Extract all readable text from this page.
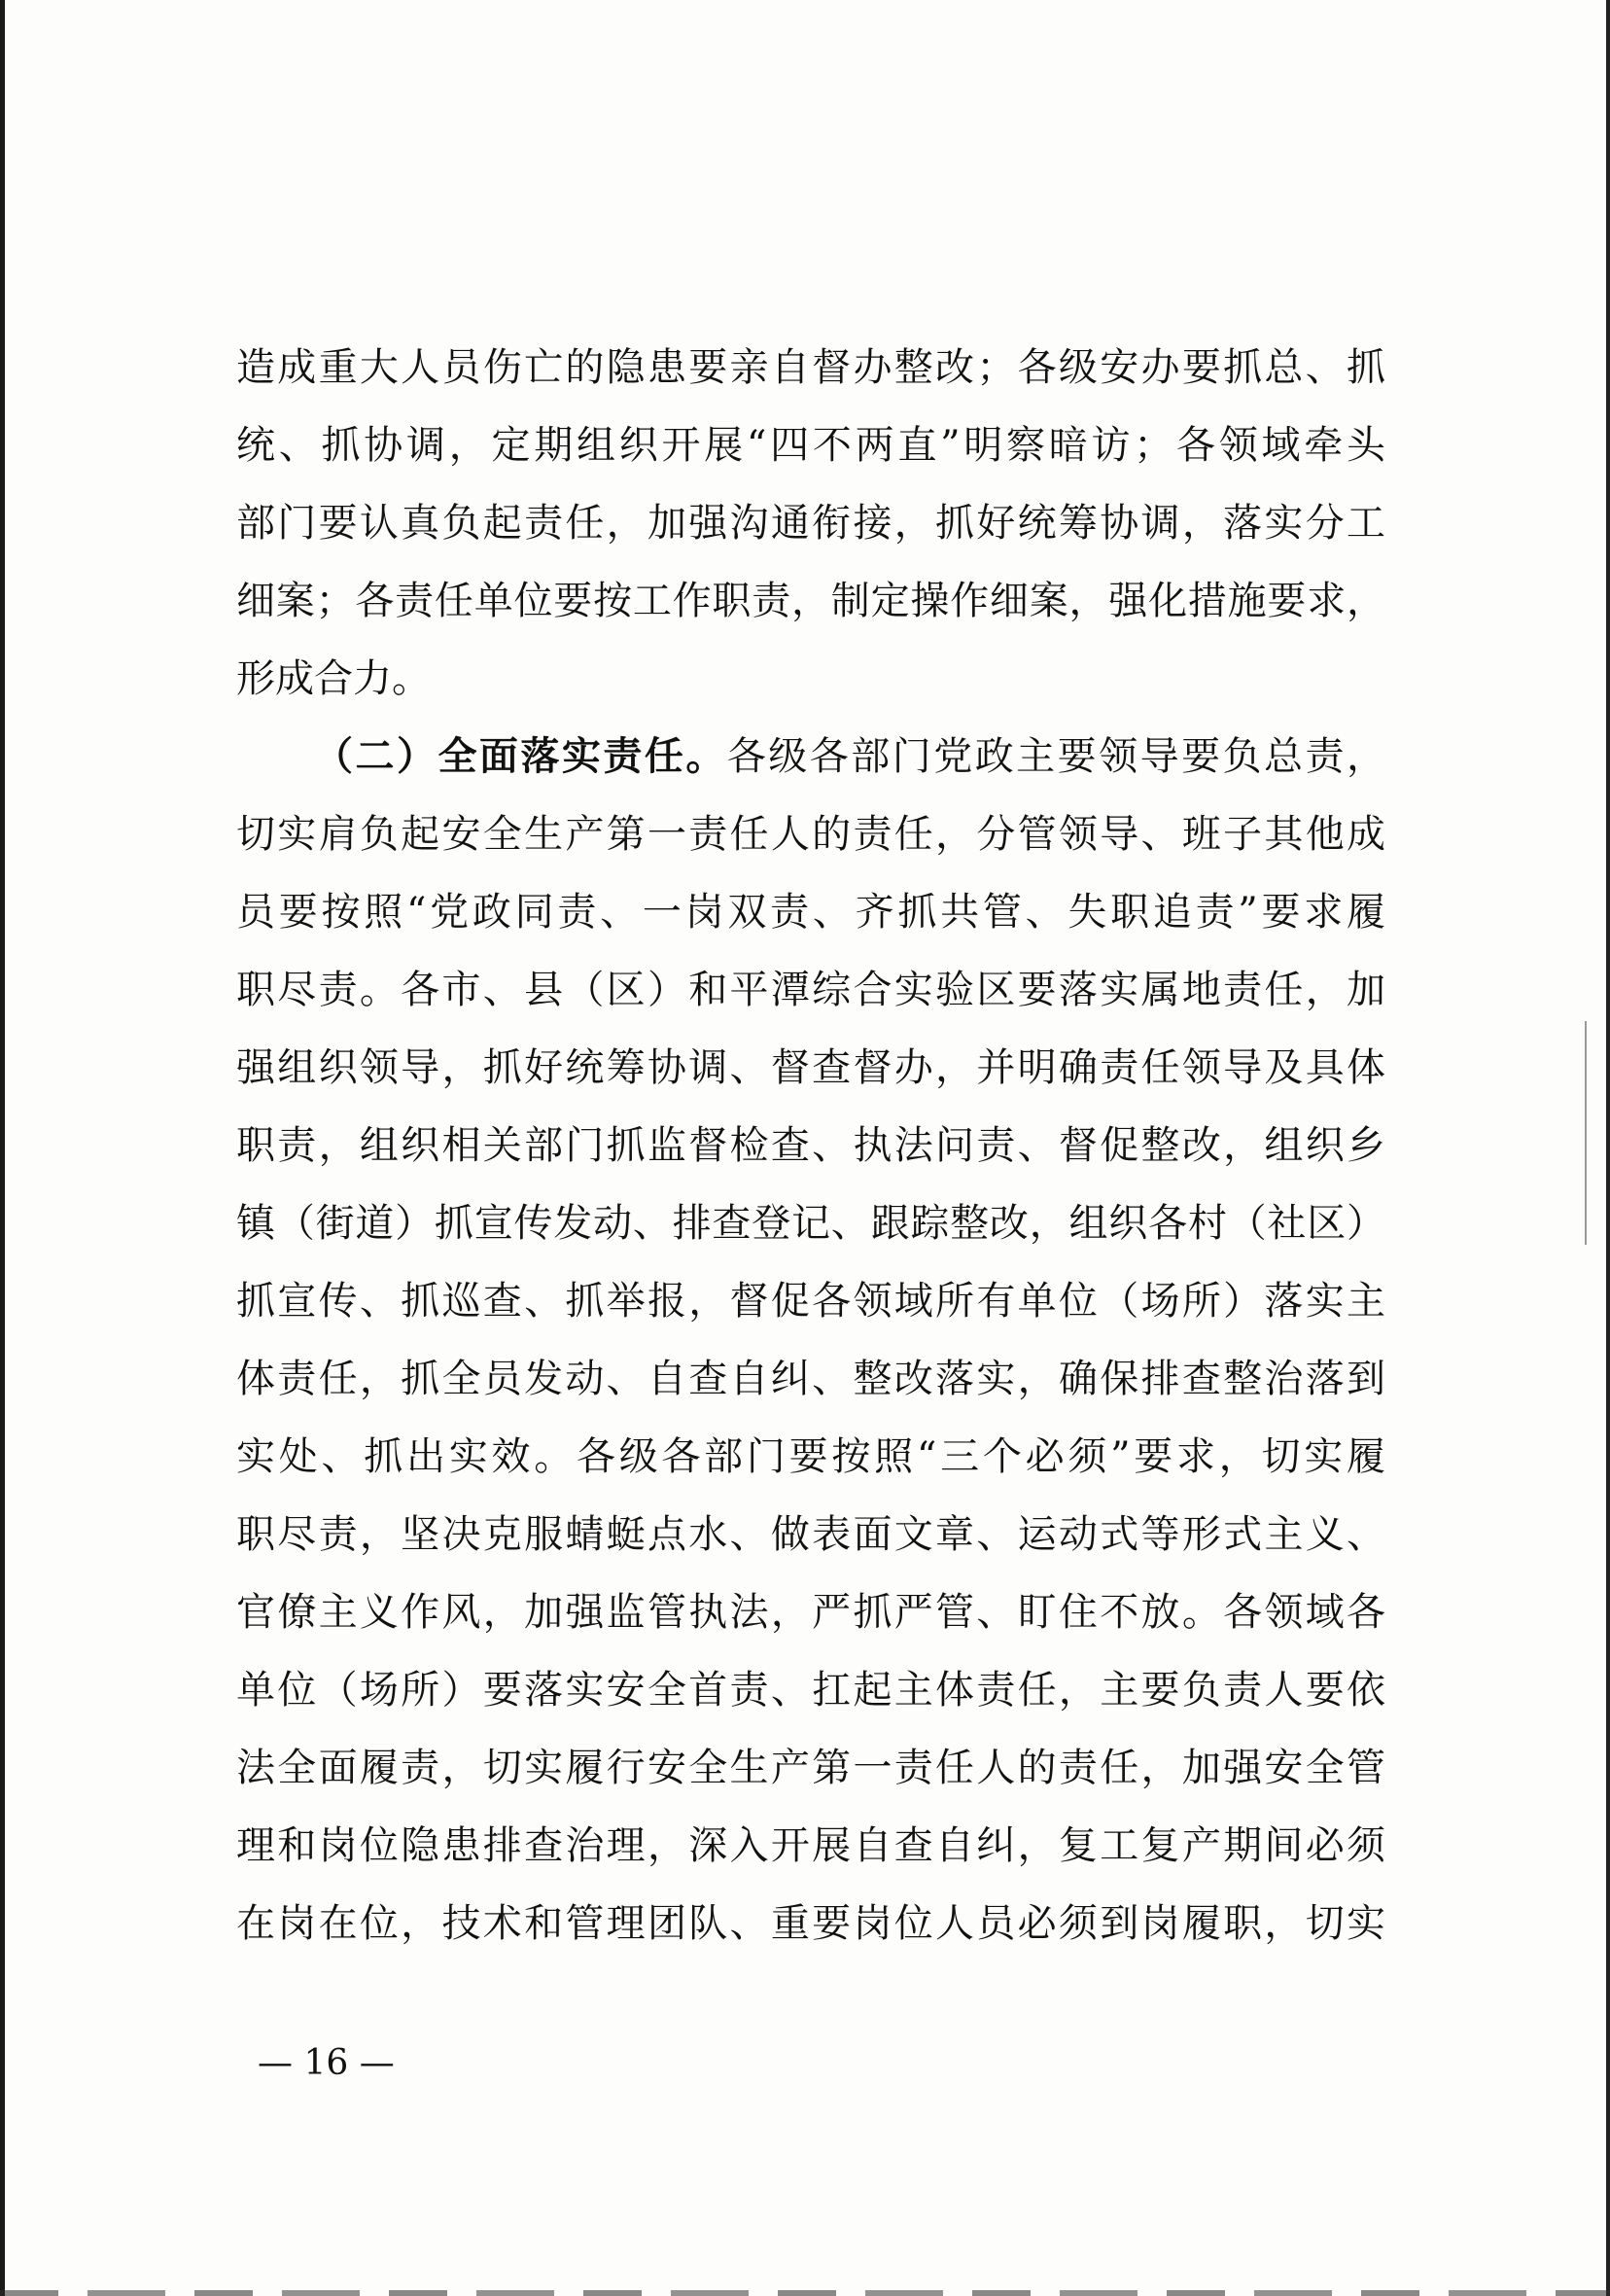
造成重大人员伤亡的隐患要亲自督办整改；各级安办要抓总、抓
统、抓协调，定期组织开展“四不两直”明察暗访；各领域牵头
部门要认真负起责任，加强沟通衔接，抓好统筹协调，落实分工
细案；各责任单位要按工作职责，制定操作细案，强化措施要求，
形成合力。
（二）全面落实责任。各级各部门党政主要领导要负总责，
切实肩负起安全生产第一责任人的责任，分管领导、班子其他成
员要按照“党政同责、一岗双责、齐抓共管、失职追责”要求履
职尽责。各市、县（区）和平潭综合实验区要落实属地责任，加
强组织领导，抓好统筹协调、督查督办，并明确责任领导及具体
职责，组织相关部门抓监督检查、执法问责、督促整改，组织乡
镇（街道）抓宣传发动、排查登记、跟踪整改，组织各村（社区）
抓宣传、抓巡查、抓举报，督促各领域所有单位（场所）落实主
体责任，抓全员发动、自查自纠、整改落实，确保排查整治落到
实处、抓出实效。各级各部门要按照“三个必须”要求，切实履
职尽责，坚决克服蜻蜓点水、做表面文章、运动式等形式主义、
官僚主义作风，加强监管执法，严抓严管、盯住不放。各领域各
单位（场所）要落实安全首责、扛起主体责任，主要负责人要依
法全面履责，切实履行安全生产第一责任人的责任，加强安全管
理和岗位隐患排查治理，深入开展自查自纠，复工复产期间必须
在岗在位，技术和管理团队、重要岗位人员必须到岗履职，切实
— 16 —
